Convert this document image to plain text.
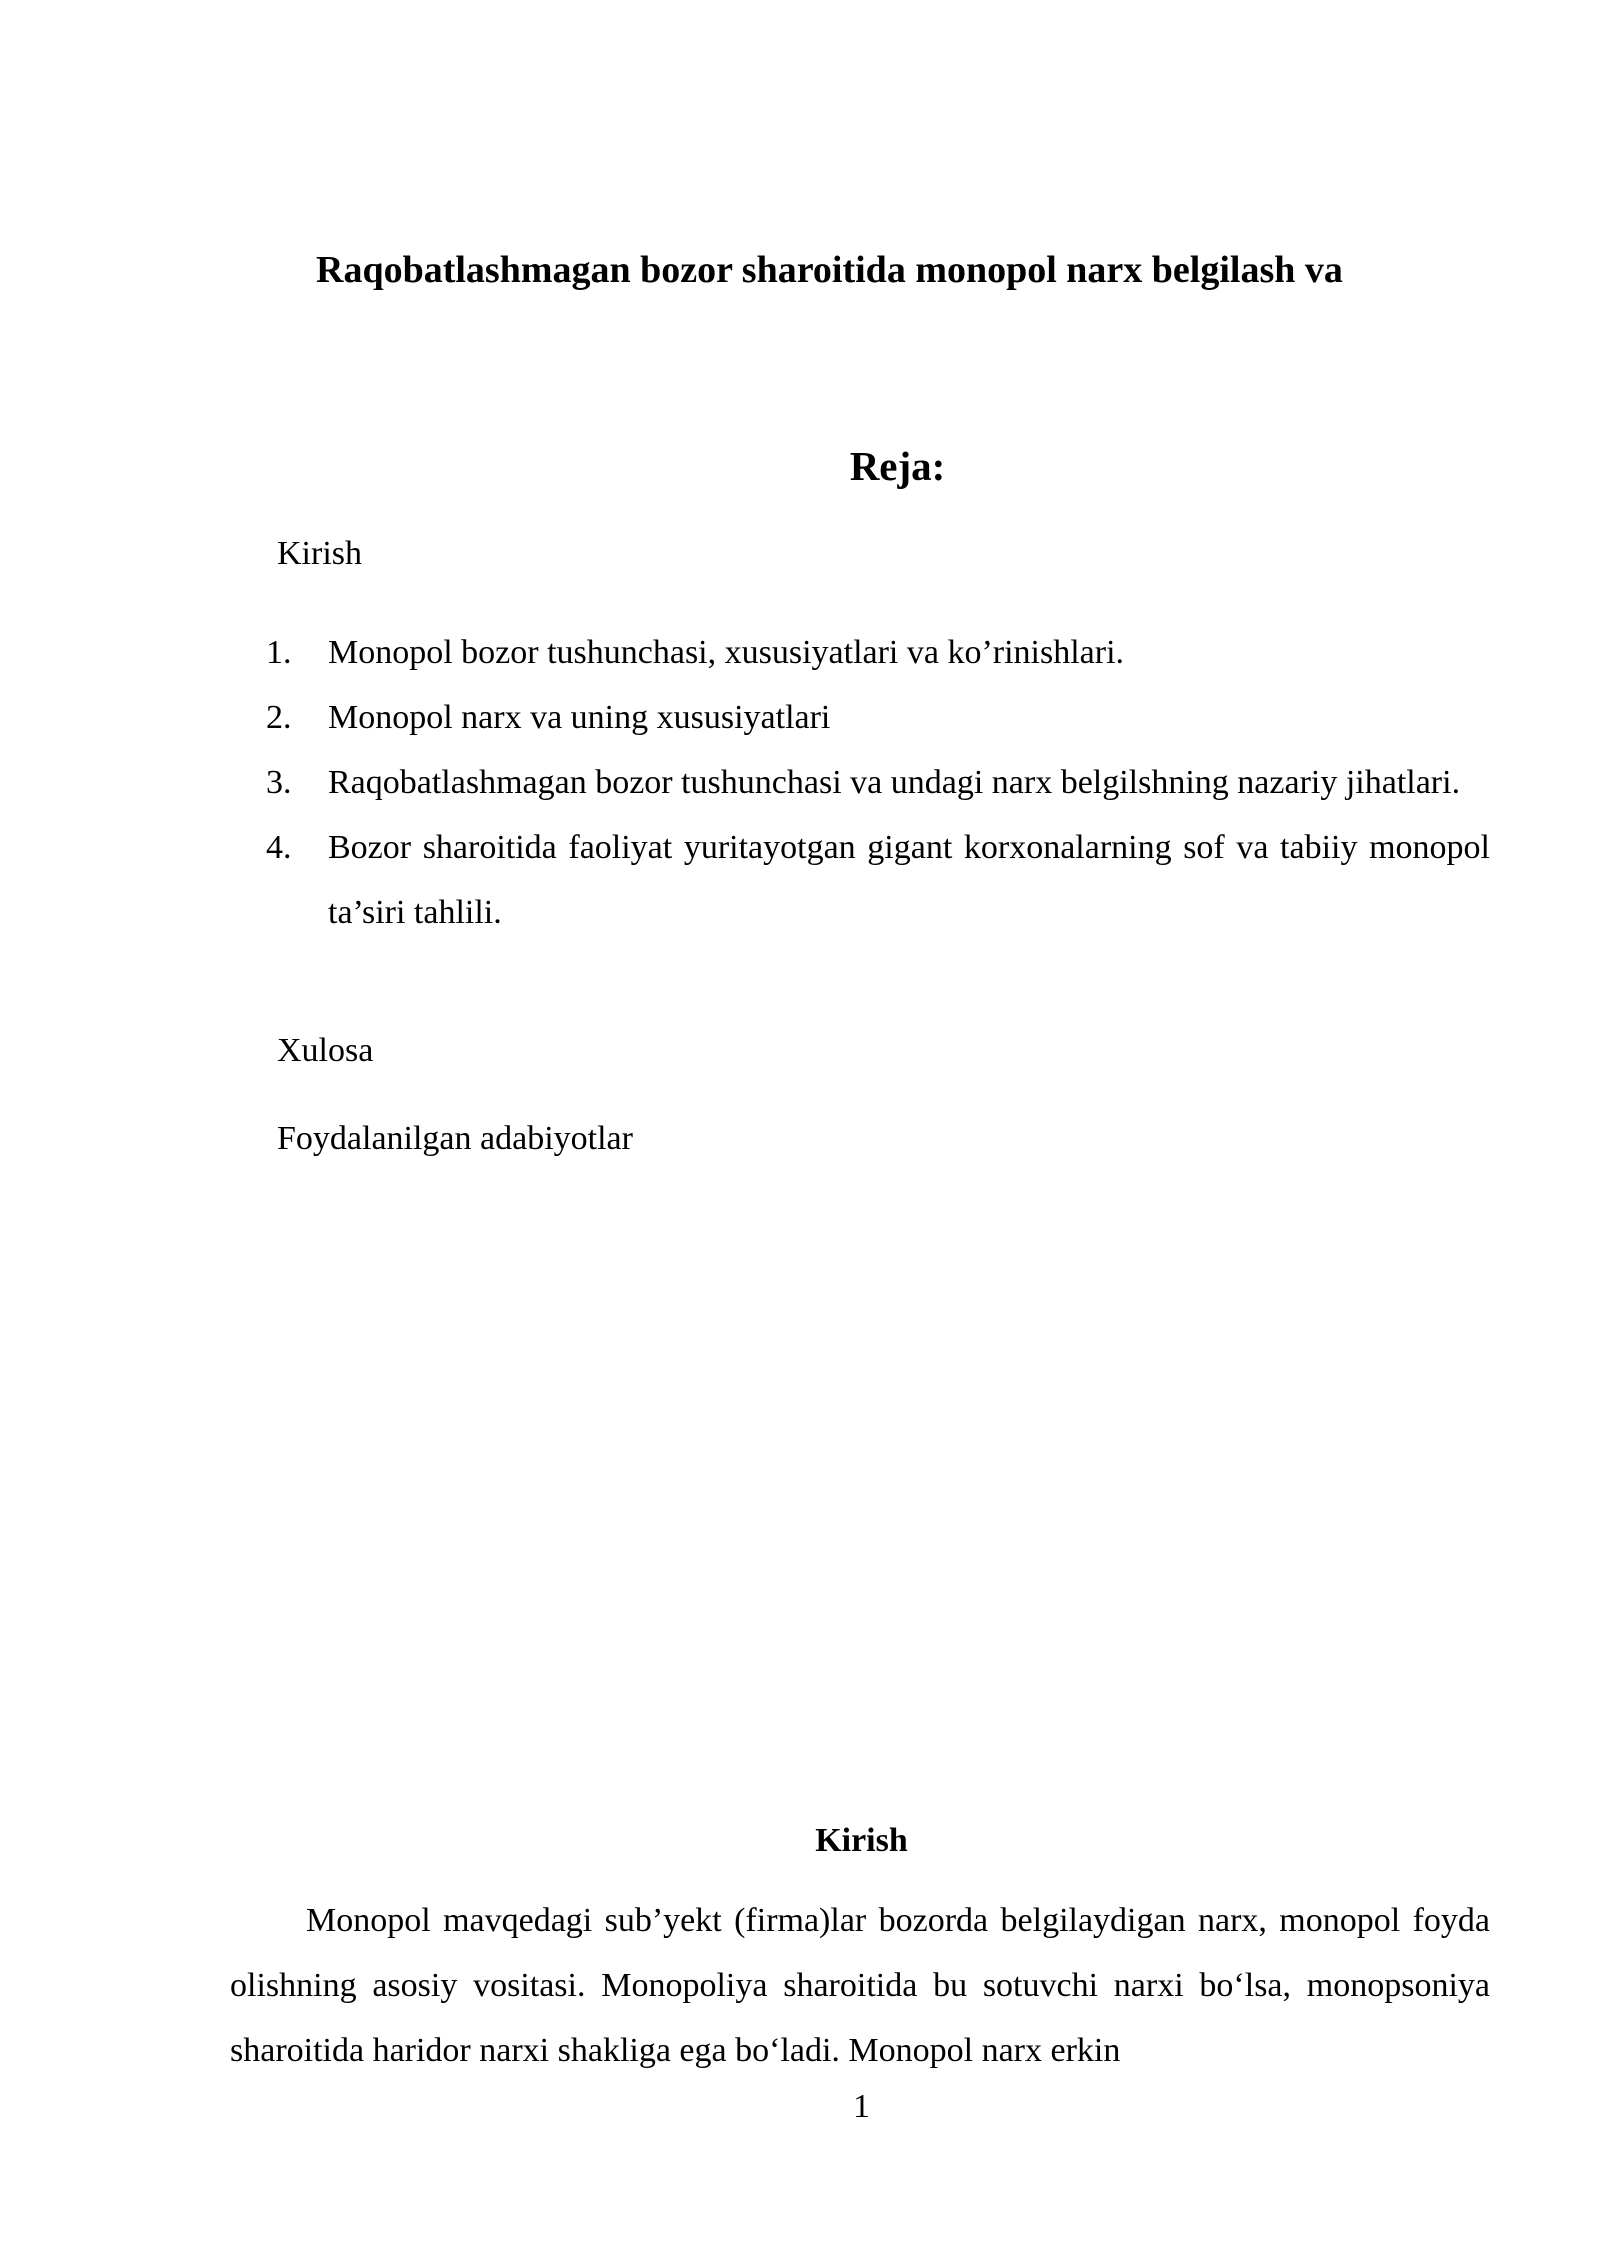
Raqobatlashmagan bozor sharoitida monopol narx belgilash va
Reja:

Kirish

1. Monopol bozor tushunchasi, xususiyatlari va ko’rinishlari.
2. Monopol narx va uning xususiyatlari
3. Raqobatlashmagan bozor tushunchasi va undagi narx belgilshning nazariy jihatlari.
4. Bozor sharoitida faoliyat yuritayotgan gigant korxonalarning sof va tabiiy monopol ta’siri tahlili.

Xulosa

Foydalanilgan adabiyotlar

Kirish

Monopol mavqedagi sub’yekt (firma)lar bozorda belgilaydigan narx, monopol foyda olishning asosiy vositasi. Monopoliya sharoitida bu sotuvchi narxi bo‘lsa, monopsoniya sharoitida haridor narxi shakliga ega bo‘ladi. Monopol narx erkin

1
